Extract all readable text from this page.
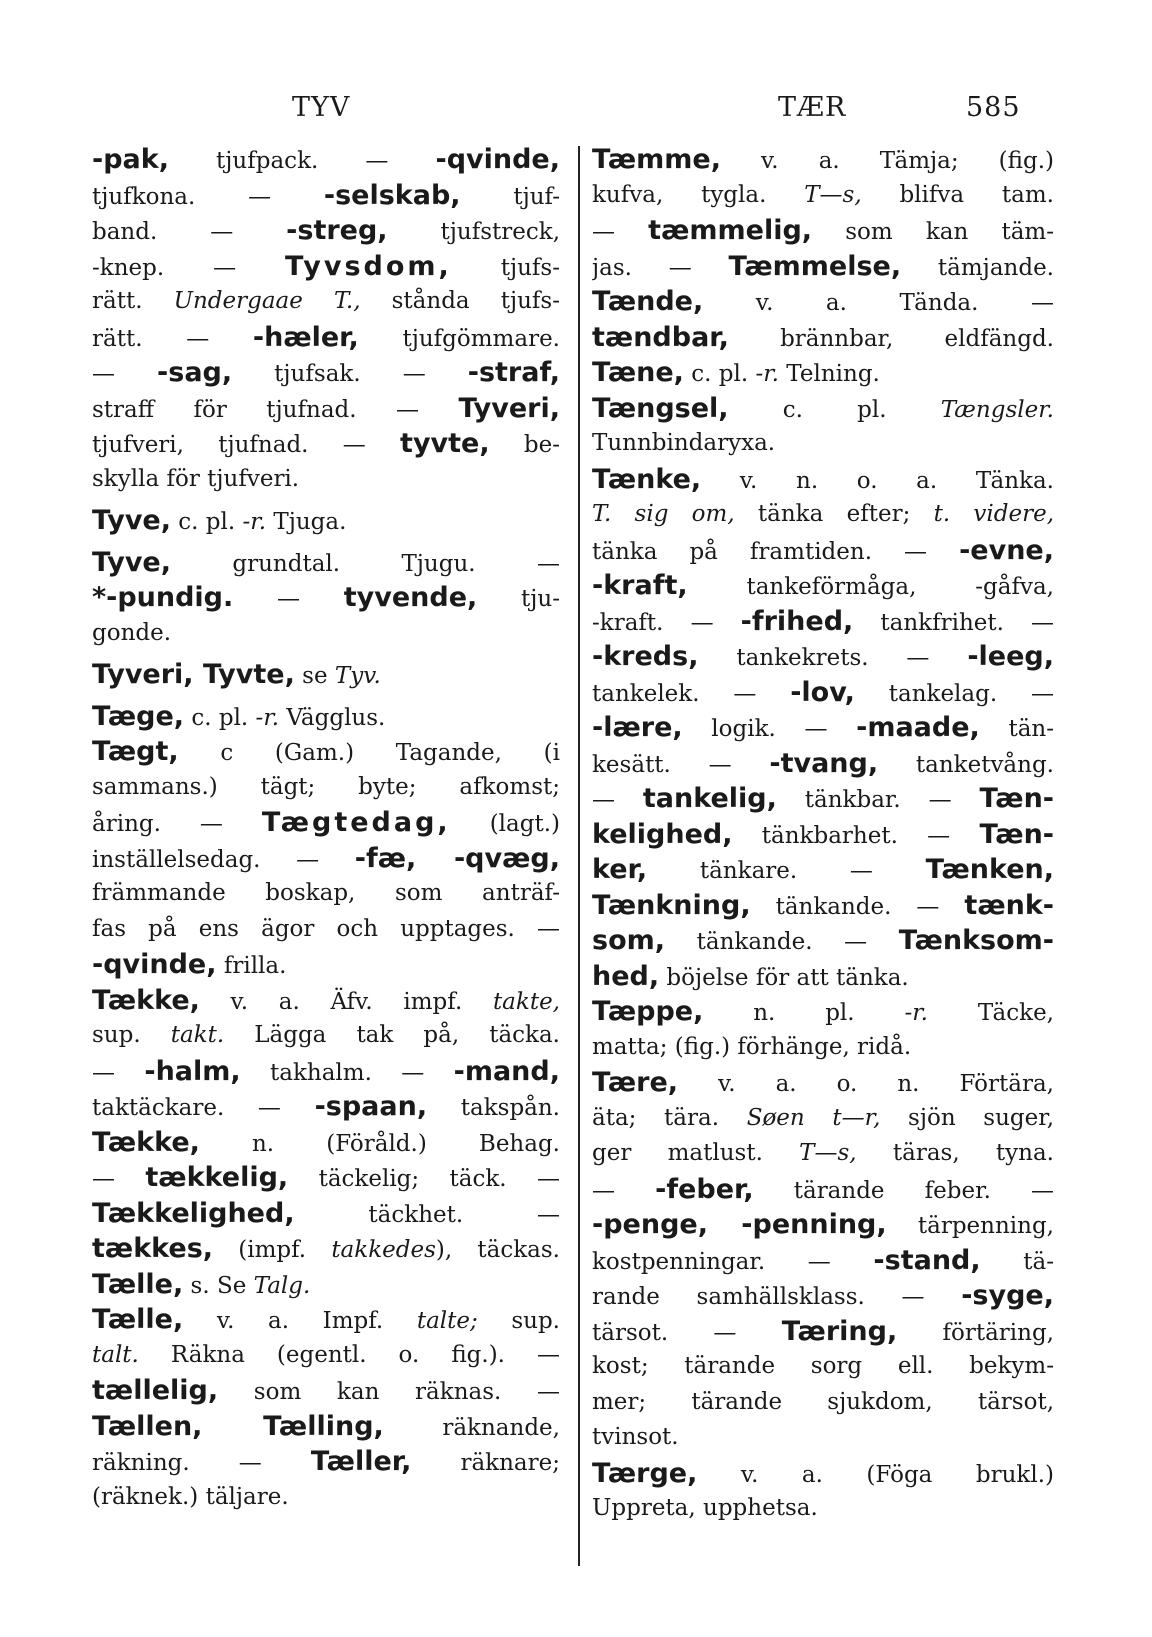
TYV	TÆR	585
-pak, tjufpack. — -qvinde,
tjufkona. — -selskab, tjuf-
band. — -streg, tjufstreck,
-knep. — Tyvsdom, tjufs-
rätt. Undergaae T., stånda tjufs-
rätt. — -hæler, tjufgömmare.
— -sag, tjufsak. — -straf,
straff för tjufnad. — Tyveri,
tjufveri, tjufnad. — tyvte, be-
skylla för tjufveri.
Tyve, c. pl. -r. Tjuga.
Tyve, grundtal. Tjugu. —
*-pundig. — tyvende, tju-
gonde.
Tyveri, Tyvte, se Tyv.
Tæge, c. pl. -r. Vägglus.
Tægt, c (Gam.) Tagande, (i
sammans.) tägt; byte; afkomst;
åring. — Tægtedag, (lagt.)
inställelsedag. — -fæ, -qvæg,
främmande boskap, som anträf-
fas på ens ägor och upptages. —
-qvinde, frilla.
Tække, v. a. Äfv. impf. takte,
sup. takt. Lägga tak på, täcka.
— -halm, takhalm. — -mand,
taktäckare. — -spaan, takspån.
Tække, n. (Föråld.) Behag.
— tækkelig, täckelig; täck. —
Tækkelighed, täckhet. —
tækkes, (impf. takkedes), täckas.
Tælle, s. Se Talg.
Tælle, v. a. Impf. talte; sup.
talt. Räkna (egentl. o. fig.). —
tællelig, som kan räknas. —
Tællen, Tælling, räknande,
räkning. — Tæller, räknare;
(räknek.) täljare.
Tæmme, v. a. Tämja; (fig.)
kufva, tygla. T—s, blifva tam.
— tæmmelig, som kan täm-
jas. — Tæmmelse, tämjande.
Tænde, v. a. Tända. —
tændbar, brännbar, eldfängd.
Tæne, c. pl. -r. Telning.
Tængsel, c. pl. Tængsler.
Tunnbindaryxa.
Tænke, v. n. o. a. Tänka.
T. sig om, tänka efter; t. videre,
tänka på framtiden. — -evne,
-kraft, tankeförmåga, -gåfva,
-kraft. — -frihed, tankfrihet. —
-kreds, tankekrets. — -leeg,
tankelek. — -lov, tankelag. —
-lære, logik. — -maade, tän-
kesätt. — -tvang, tanketvång.
— tankelig, tänkbar. — Tæn-
kelighed, tänkbarhet. — Tæn-
ker, tänkare. — Tænken,
Tænkning, tänkande. — tænk-
som, tänkande. — Tænksom-
hed, böjelse för att tänka.
Tæppe, n. pl. -r. Täcke,
matta; (fig.) förhänge, ridå.
Tære, v. a. o. n. Förtära,
äta; tära. Søen t—r, sjön suger,
ger matlust. T—s, täras, tyna.
— -feber, tärande feber. —
-penge, -penning, tärpenning,
kostpenningar. — -stand, tä-
rande samhällsklass. — -syge,
tärsot. — Tæring, förtäring,
kost; tärande sorg ell. bekym-
mer; tärande sjukdom, tärsot,
tvinsot.
Tærge, v. a. (Föga brukl.)
Uppreta, upphetsa.
